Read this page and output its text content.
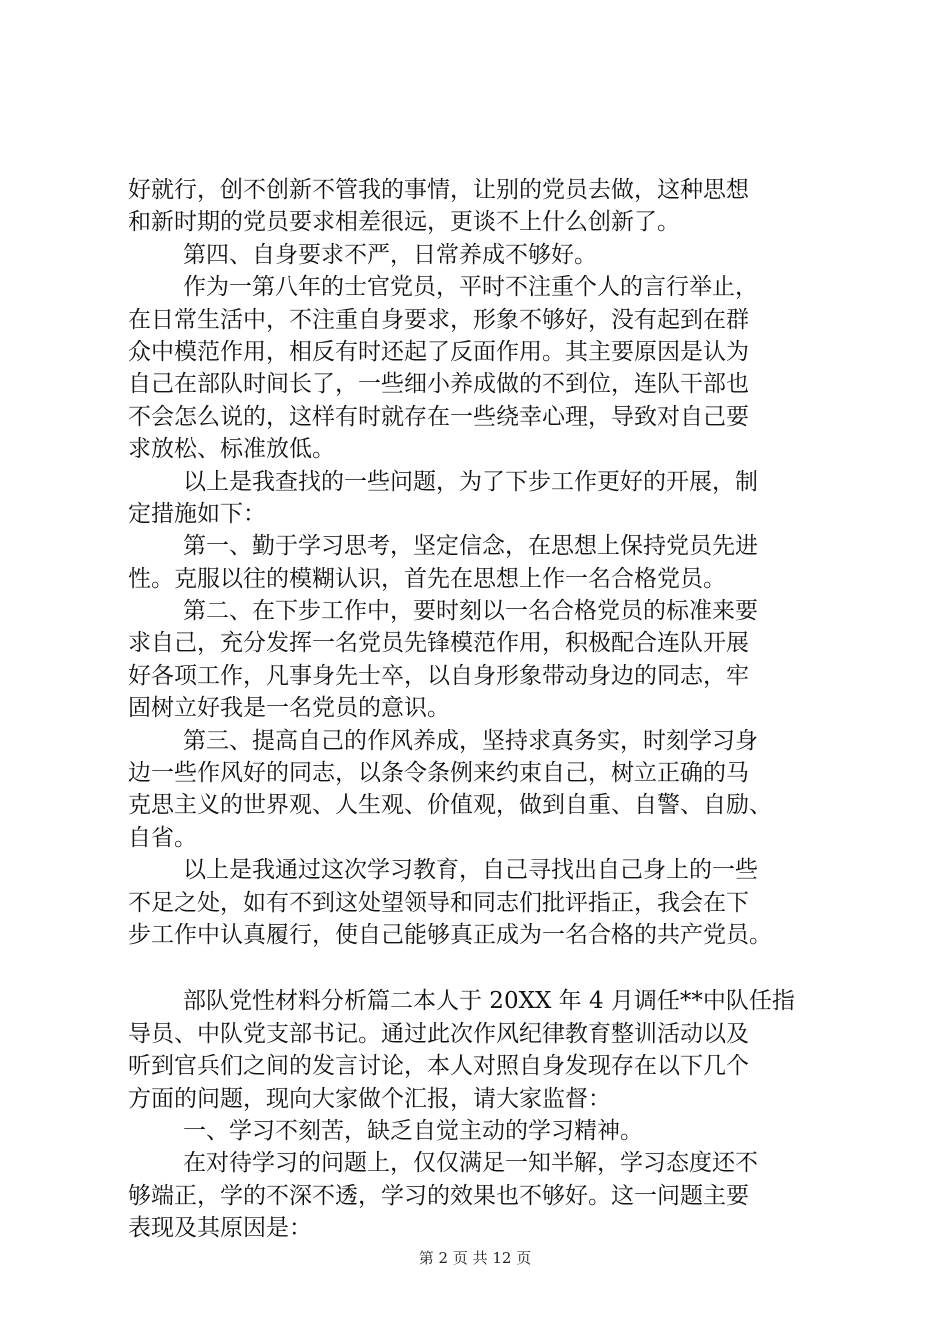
好就行，创不创新不管我的事情，让别的党员去做，这种思想
和新时期的党员要求相差很远，更谈不上什么创新了。
第四、自身要求不严，日常养成不够好。
作为一第八年的士官党员，平时不注重个人的言行举止，
在日常生活中，不注重自身要求，形象不够好，没有起到在群
众中模范作用，相反有时还起了反面作用。其主要原因是认为
自己在部队时间长了，一些细小养成做的不到位，连队干部也
不会怎么说的，这样有时就存在一些绕幸心理，导致对自己要
求放松、标准放低。
以上是我查找的一些问题，为了下步工作更好的开展，制
定措施如下：
第一、勤于学习思考，坚定信念，在思想上保持党员先进
性。克服以往的模糊认识，首先在思想上作一名合格党员。
第二、在下步工作中，要时刻以一名合格党员的标准来要
求自己，充分发挥一名党员先锋模范作用，积极配合连队开展
好各项工作，凡事身先士卒，以自身形象带动身边的同志，牢
固树立好我是一名党员的意识。
第三、提高自己的作风养成，坚持求真务实，时刻学习身
边一些作风好的同志，以条令条例来约束自己，树立正确的马
克思主义的世界观、人生观、价值观，做到自重、自警、自励、
自省。
以上是我通过这次学习教育，自己寻找出自己身上的一些
不足之处，如有不到这处望领导和同志们批评指正，我会在下
步工作中认真履行，使自己能够真正成为一名合格的共产党员。
部队党性材料分析篇二本人于 20XX 年 4 月调任**中队任指
导员、中队党支部书记。通过此次作风纪律教育整训活动以及
听到官兵们之间的发言讨论，本人对照自身发现存在以下几个
方面的问题，现向大家做个汇报，请大家监督：
一、学习不刻苦，缺乏自觉主动的学习精神。
在对待学习的问题上，仅仅满足一知半解，学习态度还不
够端正，学的不深不透，学习的效果也不够好。这一问题主要
表现及其原因是：
第 2 页 共 12 页
